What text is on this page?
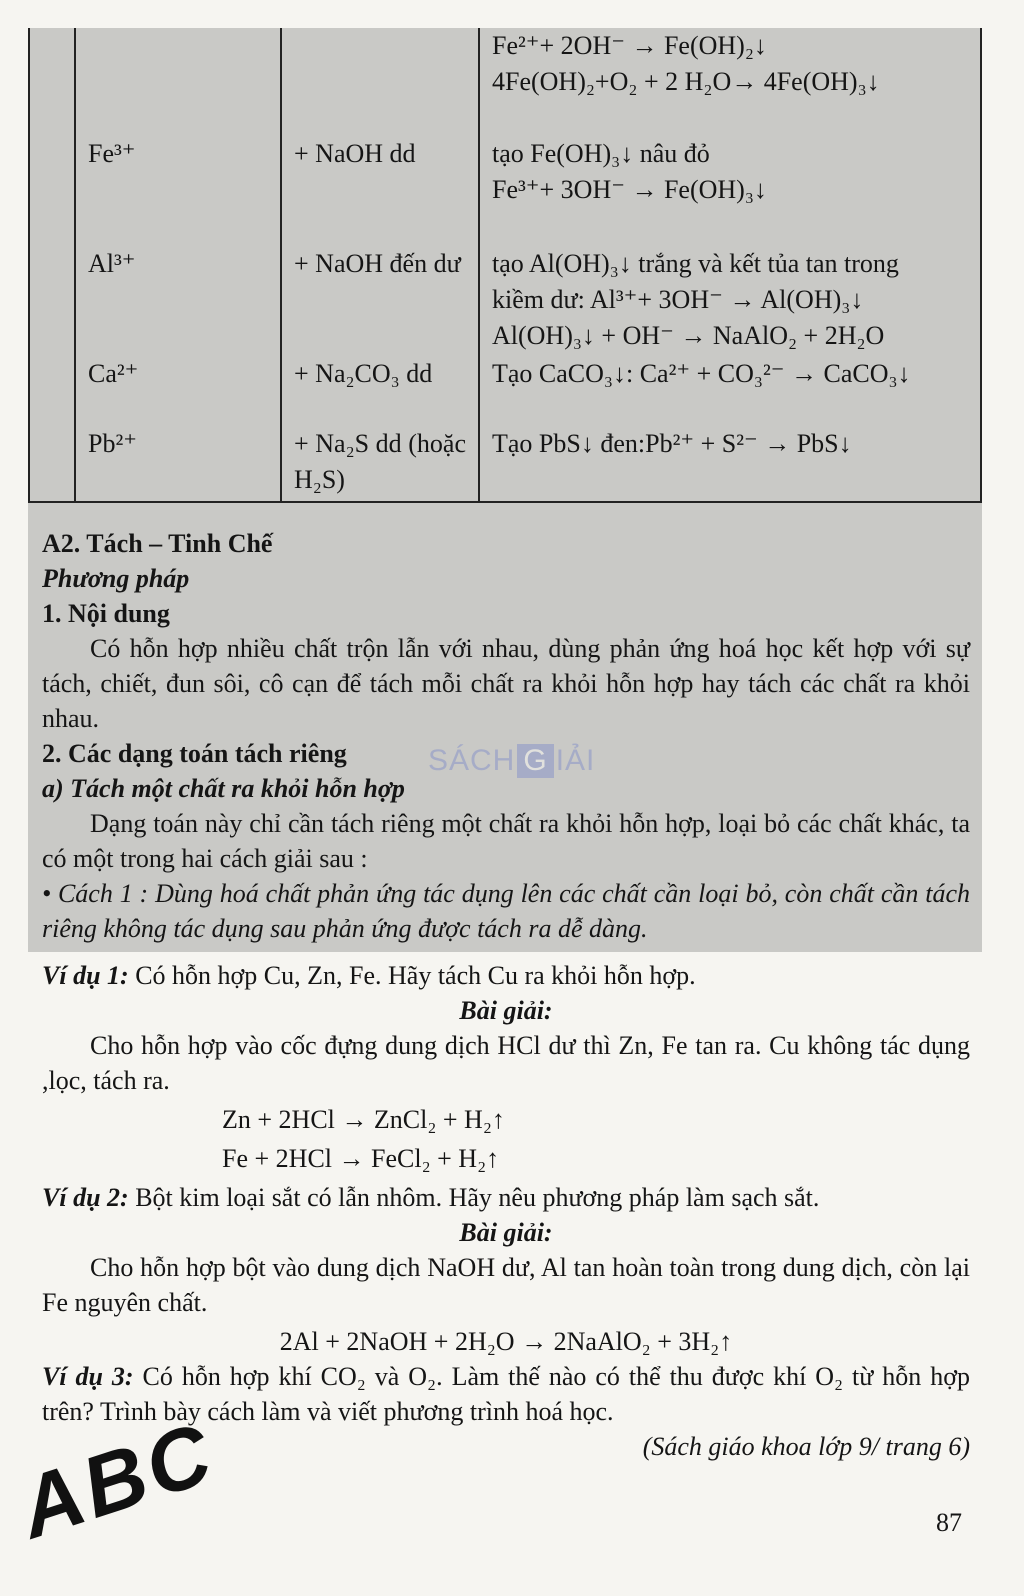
			Fe²⁺+ 2OH⁻ → Fe(OH)₂↓
4Fe(OH)₂+O₂ + 2 H₂O→ 4Fe(OH)₃↓

	Fe³⁺	+ NaOH dd	tạo Fe(OH)₃↓ nâu đỏ
Fe³⁺+ 3OH⁻ → Fe(OH)₃↓

	Al³⁺	+ NaOH đến dư	tạo Al(OH)₃↓ trắng và kết tủa tan trong
kiềm dư: Al³⁺+ 3OH⁻ → Al(OH)₃↓
Al(OH)₃↓ + OH⁻ → NaAlO₂ + 2H₂O

	Ca²⁺	+ Na₂CO₃ dd	Tạo CaCO₃↓: Ca²⁺ + CO₃²⁻ → CaCO₃↓

	Pb²⁺	+ Na₂S dd (hoặc H₂S)	Tạo PbS↓ đen:Pb²⁺ + S²⁻ → PbS↓
A2. Tách – Tinh Chế
Phương pháp
1. Nội dung

Có hỗn hợp nhiều chất trộn lẫn với nhau, dùng phản ứng hoá học kết hợp với sự tách, chiết, đun sôi, cô cạn để tách mỗi chất ra khỏi hỗn hợp hay tách các chất ra khỏi nhau.

2. Các dạng toán tách riêng
a) Tách một chất ra khỏi hỗn hợp

Dạng toán này chỉ cần tách riêng một chất ra khỏi hỗn hợp, loại bỏ các chất khác, ta có một trong hai cách giải sau :

• Cách 1 : Dùng hoá chất phản ứng tác dụng lên các chất cần loại bỏ, còn chất cần tách riêng không tác dụng sau phản ứng được tách ra dễ dàng.
SÁCH G IẢI
Ví dụ 1: Có hỗn hợp Cu, Zn, Fe. Hãy tách Cu ra khỏi hỗn hợp.
Bài giải:

Cho hỗn hợp vào cốc đựng dung dịch HCl dư thì Zn, Fe tan ra. Cu không tác dụng ,lọc, tách ra.

Zn + 2HCl → ZnCl₂ + H₂↑
Fe + 2HCl → FeCl₂ + H₂↑
Ví dụ 2: Bột kim loại sắt có lẫn nhôm. Hãy nêu phương pháp làm sạch sắt.
Bài giải:

Cho hỗn hợp bột vào dung dịch NaOH dư, Al tan hoàn toàn trong dung dịch, còn lại Fe nguyên chất.

2Al + 2NaOH + 2H₂O → 2NaAlO₂ + 3H₂↑
Ví dụ 3: Có hỗn hợp khí CO₂ và O₂. Làm thế nào có thể thu được khí O₂ từ hỗn hợp trên? Trình bày cách làm và viết phương trình hoá học.
(Sách giáo khoa lớp 9/ trang 6)
ABC	87
